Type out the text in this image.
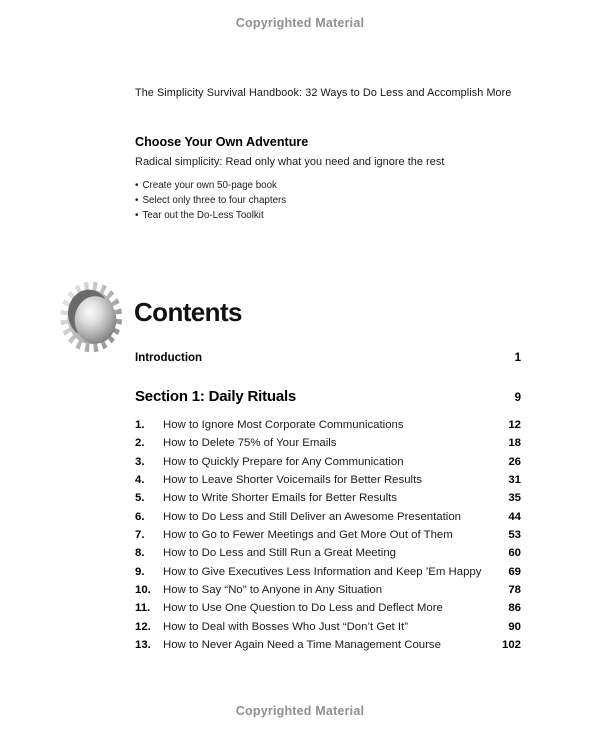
Copyrighted Material
The Simplicity Survival Handbook: 32 Ways to Do Less and Accomplish More
Choose Your Own Adventure
Radical simplicity: Read only what you need and ignore the rest
• Create your own 50-page book
• Select only three to four chapters
• Tear out the Do-Less Toolkit
Contents
Introduction	1
Section 1: Daily Rituals	9
1.	How to Ignore Most Corporate Communications	12
2.	How to Delete 75% of Your Emails	18
3.	How to Quickly Prepare for Any Communication	26
4.	How to Leave Shorter Voicemails for Better Results	31
5.	How to Write Shorter Emails for Better Results	35
6.	How to Do Less and Still Deliver an Awesome Presentation	44
7.	How to Go to Fewer Meetings and Get More Out of Them	53
8.	How to Do Less and Still Run a Great Meeting	60
9.	How to Give Executives Less Information and Keep ’Em Happy	69
10.	How to Say “No” to Anyone in Any Situation	78
11.	How to Use One Question to Do Less and Deflect More	86
12.	How to Deal with Bosses Who Just “Don’t Get It”	90
13.	How to Never Again Need a Time Management Course	102
Copyrighted Material
